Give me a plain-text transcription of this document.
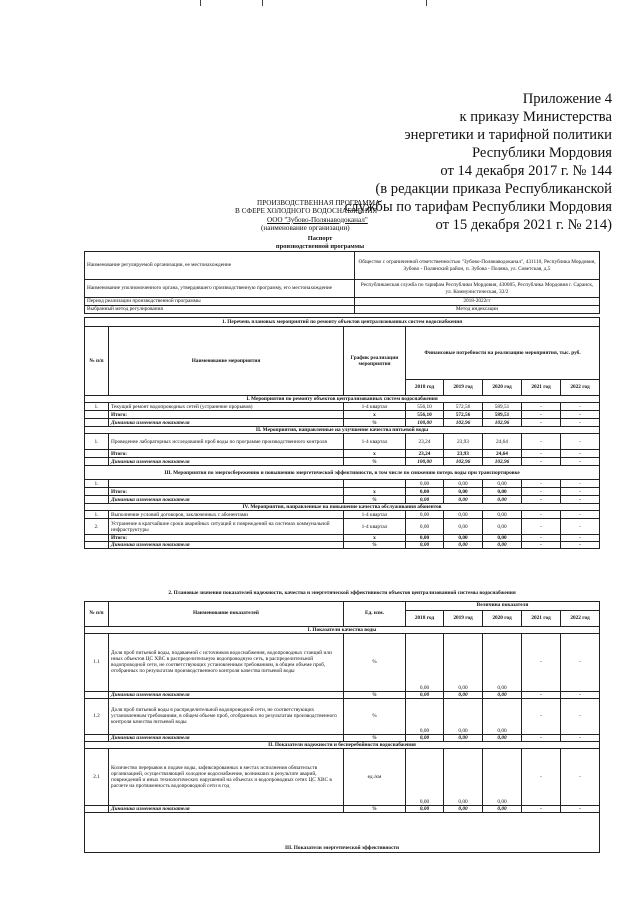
Приложение 4
к приказу Министерства
энергетики и тарифной политики
Республики Мордовия
от 14 декабря 2017 г. № 144
(в редакции приказа Республиканской
службы по тарифам Республики Мордовия
от 15 декабря 2021 г. № 214)
ПРОИЗВОДСТВЕННАЯ ПРОГРАММА
В СФЕРЕ ХОЛОДНОГО ВОДОСНАБЖЕНИЯ
ООО "Зубово-Полянаводоканал"
(наименование организации)
Паспорт
производственной программы
Наименование регулируемой организации, ее местонахождение	Общество с ограниченной ответственностью "Зубово-Полянаводоканал", 431110, Республика Мордовия, Зубово - Полянский район, п. Зубова - Поляна, ул. Советская, д.5
Наименование уполномоченного органа, утвердившего производственную программу, его местонахождение	Республиканская служба по тарифам Республики Мордовия, 430005, Республика Мордовия г. Саранск, ул. Коммунистическая, 33/2
Период реализации производственной программы	2018-2022гг
Выбранный метод регулирования	Метод индексации
1. Перечень плановых мероприятий по ремонту объектов централизованных систем водоснабжения							
№ п/п	Наименование мероприятия	График реализации мероприятия	Финансовые потребности на реализацию мероприятия, тыс. руб.				
			2018 год	2019 год	2020 год	2021 год	2022 год
I. Мероприятия по ремонту объектов централизованных систем водоснабжения							
1.	Текущий ремонт водопроводных сетей (устранение прорывов)	1-4 квартал	556,10	572,56	589,51	-	-
	Итого:	х	556,10	572,56	589,51	-	-
	Динамика изменения показателя	%	100,00	102,96	102,96	-	-
II. Мероприятия, направленные на улучшение качества питьевой воды							
1.	Проведение лабораторных исследований проб воды по программе производственного контроля	1-4 квартал	23,24	23,93	24,64	-	-
	Итого:	х	23,24	23,93	24,64	-	-
	Динамика изменения показателя	%	100,00	102,96	102,96	-	-
III. Мероприятия по энергосбережению и повышению энергетической эффективности, в том числе по снижению потерь воды при транспортировке							
1.			0,00	0,00	0,00	-	-
	Итого:	х	0,00	0,00	0,00	-	-
	Динамика изменения показателя	%	0,00	0,00	0,00	-	-
IV. Мероприятия, направленные на повышение качества обслуживания абонентов							
1.	Выполнение условий договоров, заключенных с абонентами	1-4 квартал	0,00	0,00	0,00	-	-
2.	Устранение в кратчайшие сроки аварийных ситуаций и повреждений на системах коммунальной инфраструктуры	1-4 квартал	0,00	0,00	0,00	-	-
	Итого:	х	0,00	0,00	0,00	-	-
	Динамика изменения показателя	%	0,00	0,00	0,00	-	-
2. Плановые значения показателей надежности, качества и энергетической эффективности объектов централизованной системы водоснабжения							
№ п/п	Наименование показателей	Ед. изм.	Величина показателя				
			2018 год	2019 год	2020 год	2021 год	2022 год
I. Показатели качества воды							
1.1	Доля проб питьевой воды, подаваемой с источников водоснабжения, водопроводных станций или иных объектов ЦС ХВС в распределительную водопроводную сеть, в распределительной водопроводной сети, не соответствующих установленным требованиям, в общем объеме проб, отобранных по результатам производственного контроля качества питьевой воды	%	0,00	0,00	0,00	-	-
	Динамика изменения показателя	%	0,00	0,00	0,00	-	-
1.2	Доля проб питьевой воды в распределительной водопроводной сети, не соответствующих установленным требованиям, в общем объеме проб, отобранных по результатам производственного контроля качества питьевой воды	%	0,00	0,00	0,00	-	-
	Динамика изменения показателя	%	0,00	0,00	0,00	-	-
II. Показатели надежности и бесперебойности водоснабжения							
2.1	Количество перерывов в подаче воды, зафиксированных в местах исполнения обязательств организацией, осуществляющей холодное водоснабжение, возникших в результате аварий, повреждений и иных технологических нарушений на объектах и водопроводных сетях ЦС ХВС в расчете на протяженность водопроводной сети в год	ед./км	0,00	0,00	0,00	-	-
	Динамика изменения показателя	%	0,00	0,00	0,00	-	-

III. Показатели энергетической эффективности							
